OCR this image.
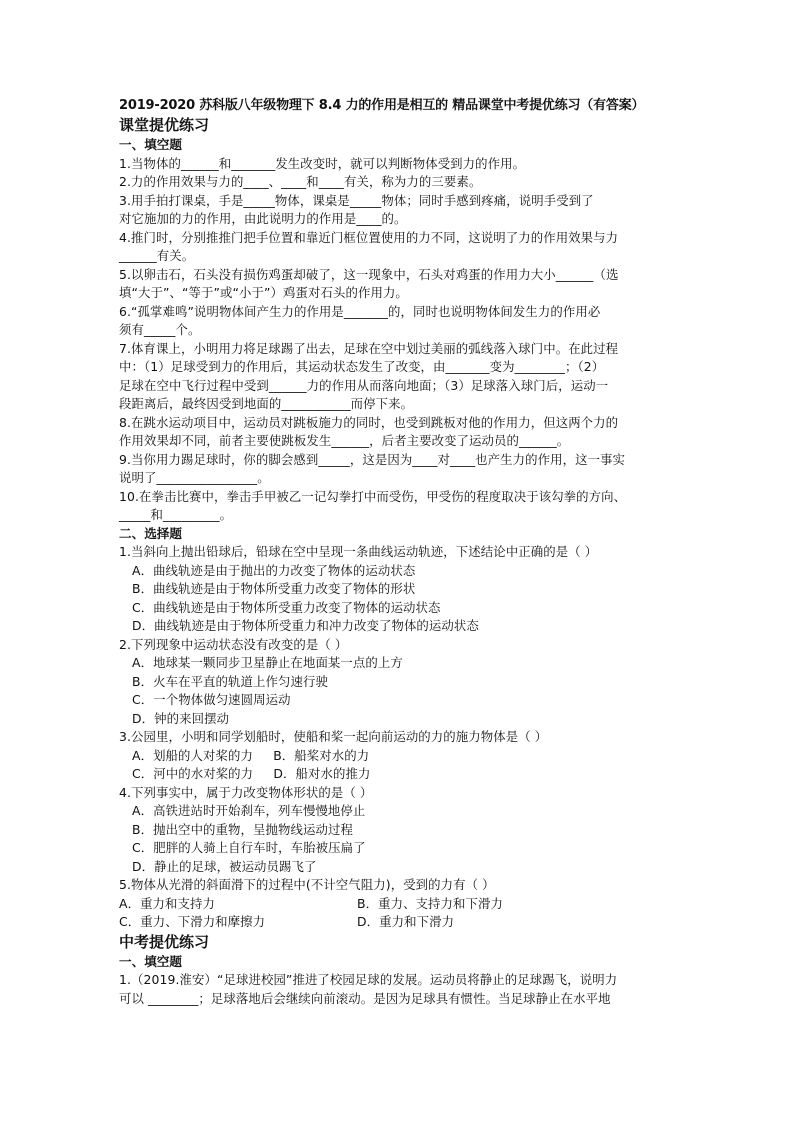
2019-2020 苏科版八年级物理下 8.4 力的作用是相互的 精品课堂中考提优练习（有答案）
课堂提优练习
一、填空题
1.当物体的______和_______发生改变时，就可以判断物体受到力的作用。
2.力的作用效果与力的____、____和____有关，称为力的三要素。
3.用手拍打课桌，手是_____物体，课桌是_____物体；同时手感到疼痛，说明手受到了
对它施加的力的作用，由此说明力的作用是____的。
4.推门时，分别推推门把手位置和靠近门框位置使用的力不同，这说明了力的作用效果与力
______有关。
5.以卵击石，石头没有损伤鸡蛋却破了，这一现象中，石头对鸡蛋的作用力大小______（选
填“大于”、“等于”或“小于”）鸡蛋对石头的作用力。
6.“孤掌难鸣”说明物体间产生力的作用是_______的，同时也说明物体间发生力的作用必
须有_____个。
7.体育课上，小明用力将足球踢了出去，足球在空中划过美丽的弧线落入球门中。在此过程
中：（1）足球受到力的作用后，其运动状态发生了改变，由_______变为________；（2）
足球在空中飞行过程中受到______力的作用从而落向地面；（3）足球落入球门后，运动一
段距离后，最终因受到地面的___________而停下来。
8.在跳水运动项目中，运动员对跳板施力的同时，也受到跳板对他的作用力，但这两个力的
作用效果却不同，前者主要使跳板发生______，后者主要改变了运动员的______。
9.当你用力踢足球时，你的脚会感到_____，这是因为____对____也产生力的作用，这一事实
说明了________________。
10.在拳击比赛中，拳击手甲被乙一记勾拳打中而受伤，甲受伤的程度取决于该勾拳的方向、
_____和_________。
二、选择题
1.当斜向上抛出铅球后，铅球在空中呈现一条曲线运动轨迹，下述结论中正确的是（ ）
A．曲线轨迹是由于抛出的力改变了物体的运动状态
B．曲线轨迹是由于物体所受重力改变了物体的形状
C．曲线轨迹是由于物体所受重力改变了物体的运动状态
D．曲线轨迹是由于物体所受重力和冲力改变了物体的运动状态
2.下列现象中运动状态没有改变的是（ ）
A．地球某一颗同步卫星静止在地面某一点的上方
B．火车在平直的轨道上作匀速行驶
C．一个物体做匀速圆周运动
D．钟的来回摆动
3.公园里，小明和同学划船时，使船和桨一起向前运动的力的施力物体是（ ）
A．划船的人对桨的力 B．船桨对水的力
C．河中的水对桨的力 D．船对水的推力
4.下列事实中，属于力改变物体形状的是（ ）
A．高铁进站时开始刹车，列车慢慢地停止
B．抛出空中的重物，呈抛物线运动过程
C．肥胖的人骑上自行车时，车胎被压扁了
D．静止的足球，被运动员踢飞了
5.物体从光滑的斜面滑下的过程中(不计空气阻力)，受到的力有（ ）
A．重力和支持力	B．重力、支持力和下滑力
C．重力、下滑力和摩擦力	D．重力和下滑力
中考提优练习
一、填空题
1.（2019.淮安）“足球进校园”推进了校园足球的发展。运动员将静止的足球踢飞，说明力
可以 ________；足球落地后会继续向前滚动。是因为足球具有惯性。当足球静止在水平地
